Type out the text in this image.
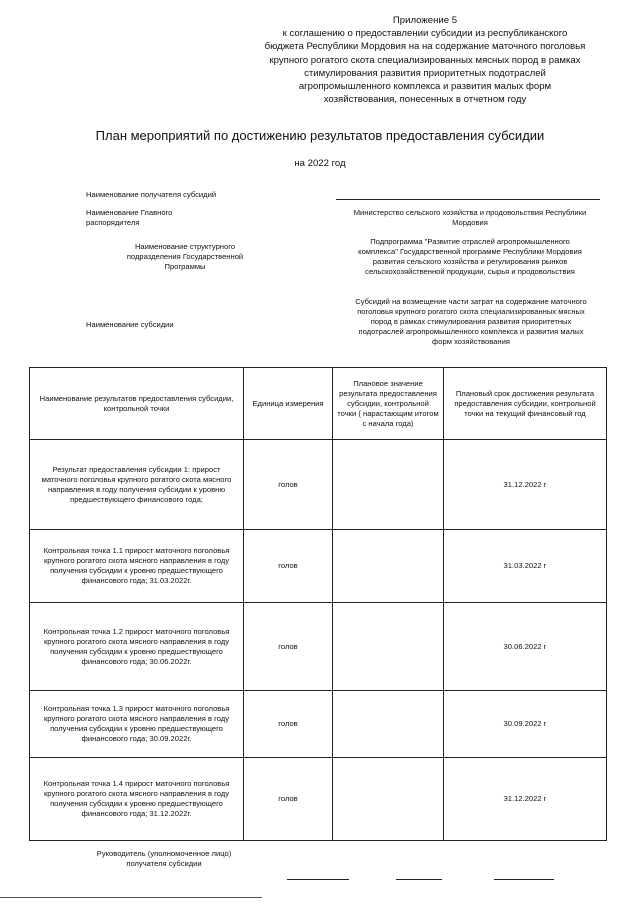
Приложение 5
к соглашению о предоставлении субсидии из республиканского
бюджета Республики Мордовия на на содержание маточного поголовья
крупного рогатого скота специализированных мясных пород в рамках
стимулирования развития приоритетных подотраслей
агропромышленного комплекса и развития малых форм
хозяйствования, понесенных в отчетном году
План мероприятий по достижению результатов предоставления субсидии
на 2022 год
Наименование получателя субсидий
Наименование Главного
распорядителя
Министерство сельского хозяйства и продовольствия Республики
Мордовия
Наименование структурного
подразделения Государственной
Программы
Подпрограмма "Развитие отраслей агропромышленного
комплекса" Государственной программе Республики Мордовия
развития сельского хозяйства и регулирования рынков
сельскохозяйственной продукции, сырья и продовольствия
Наименование субсидии
Субсидий на возмещение части затрат на содержание маточного
поголовья крупного рогатого скота специализированных мясных
пород в рамках стимулирования развития приоритетных
подотраслей агропромышленного комплекса и развития малых
форм хозяйствования
Наименование результатов предоставления субсидии, контрольной точки	Единица измерения	Плановое значение результата предоставления субсидии, контрольной точки ( нарастающим итогом с начала года)	Плановый срок достижения результата предоставления субсидии, контрольной точки на текущий финансовый год
Результат предоставления субсидии 1: прирост маточного поголовья крупного рогатого скота мясного направления в году получения субсидии к уровню предшествующего финансового года;	голов		31.12.2022 г
Контрольная точка 1.1 прирост маточного поголовья крупного рогатого скота мясного направления в году получения субсидии к уровню предшествующего финансового года; 31.03.2022г.	голов		31.03.2022 г
Контрольная точка 1.2 прирост маточного поголовья крупного рогатого скота мясного направления в году получения субсидии к уровню предшествующего финансового года; 30.06.2022г.	голов		30.06.2022 г
Контрольная точка 1.3 прирост маточного поголовья крупного рогатого скота мясного направления в году получения субсидии к уровню предшествующего финансового года; 30.09.2022г.	голов		30.09.2022 г
Контрольная точка 1.4 прирост маточного поголовья крупного рогатого скота мясного направления в году получения субсидии к уровню предшествующего финансового года; 31.12.2022г.	голов		31.12.2022 г
Руководитель (уполномоченное лицо)
получателя субсидии
